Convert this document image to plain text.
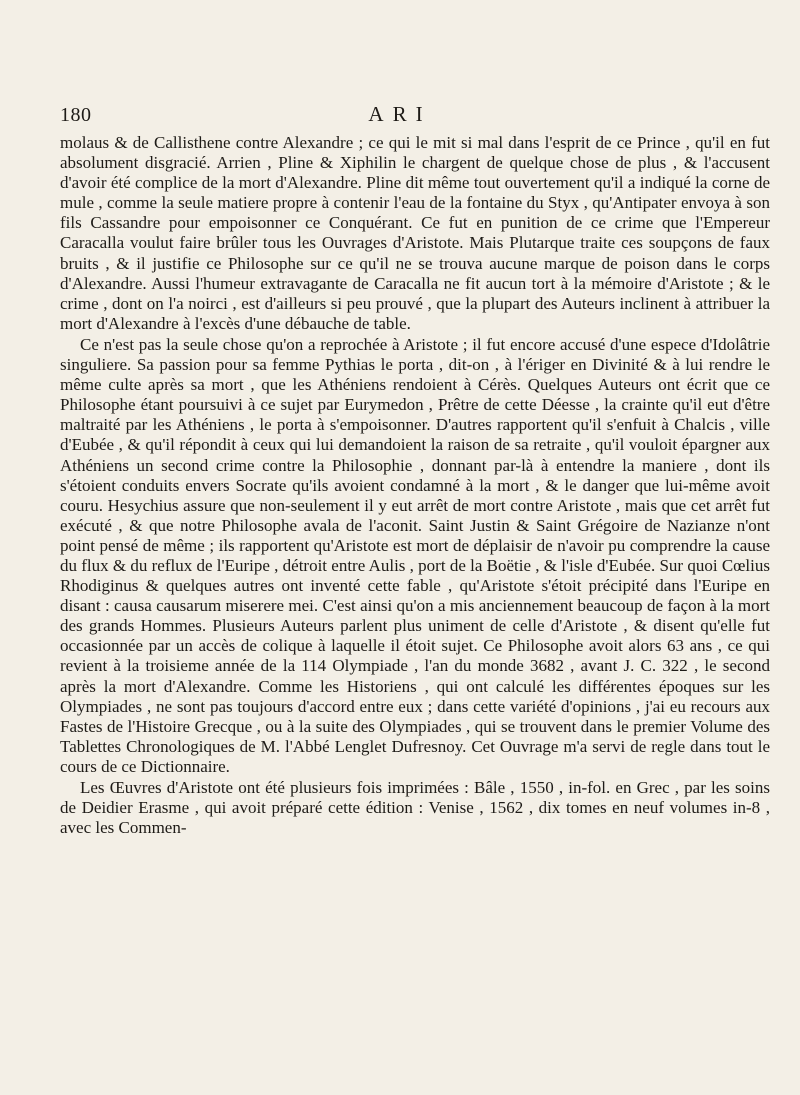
180	ARI

molaus & de Callisthene contre Alexandre ; ce qui le mit si mal dans l'esprit de ce Prince , qu'il en fut absolument disgracié. Arrien , Pline & Xiphilin le chargent de quelque chose de plus , & l'accusent d'avoir été complice de la mort d'Alexandre. Pline dit même tout ouvertement qu'il a indiqué la corne de mule , comme la seule matiere propre à contenir l'eau de la fontaine du Styx , qu'Antipater envoya à son fils Cassandre pour empoisonner ce Conquérant. Ce fut en punition de ce crime que l'Empereur Caracalla voulut faire brûler tous les Ouvrages d'Aristote. Mais Plutarque traite ces soupçons de faux bruits , & il justifie ce Philosophe sur ce qu'il ne se trouva aucune marque de poison dans le corps d'Alexandre. Aussi l'humeur extravagante de Caracalla ne fit aucun tort à la mémoire d'Aristote ; & le crime , dont on l'a noirci , est d'ailleurs si peu prouvé , que la plupart des Auteurs inclinent à attribuer la mort d'Alexandre à l'excès d'une débauche de table.

Ce n'est pas la seule chose qu'on a reprochée à Aristote ; il fut encore accusé d'une espece d'Idolâtrie singuliere. Sa passion pour sa femme Pythias le porta , dit-on , à l'ériger en Divinité & à lui rendre le même culte après sa mort , que les Athéniens rendoient à Cérès. Quelques Auteurs ont écrit que ce Philosophe étant poursuivi à ce sujet par Eurymedon , Prêtre de cette Déesse , la crainte qu'il eut d'être maltraité par les Athéniens , le porta à s'empoisonner. D'autres rapportent qu'il s'enfuit à Chalcis , ville d'Eubée , & qu'il répondit à ceux qui lui demandoient la raison de sa retraite , qu'il vouloit épargner aux Athéniens un second crime contre la Philosophie , donnant par-là à entendre la maniere , dont ils s'étoient conduits envers Socrate qu'ils avoient condamné à la mort , & le danger que lui-même avoit couru. Hesychius assure que non-seulement il y eut arrêt de mort contre Aristote , mais que cet arrêt fut exécuté , & que notre Philosophe avala de l'aconit. Saint Justin & Saint Grégoire de Nazianze n'ont point pensé de même ; ils rapportent qu'Aristote est mort de déplaisir de n'avoir pu comprendre la cause du flux & du reflux de l'Euripe , détroit entre Aulis , port de la Boëtie , & l'isle d'Eubée. Sur quoi Cœlius Rhodiginus & quelques autres ont inventé cette fable , qu'Aristote s'étoit précipité dans l'Euripe en disant : causa causarum miserere mei. C'est ainsi qu'on a mis anciennement beaucoup de façon à la mort des grands Hommes. Plusieurs Auteurs parlent plus uniment de celle d'Aristote , & disent qu'elle fut occasionnée par un accès de colique à laquelle il étoit sujet. Ce Philosophe avoit alors 63 ans , ce qui revient à la troisieme année de la 114 Olympiade , l'an du monde 3682 , avant J. C. 322 , le second après la mort d'Alexandre. Comme les Historiens , qui ont calculé les différentes époques sur les Olympiades , ne sont pas toujours d'accord entre eux ; dans cette variété d'opinions , j'ai eu recours aux Fastes de l'Histoire Grecque , ou à la suite des Olympiades , qui se trouvent dans le premier Volume des Tablettes Chronologiques de M. l'Abbé Lenglet Dufresnoy. Cet Ouvrage m'a servi de regle dans tout le cours de ce Dictionnaire.

Les Œuvres d'Aristote ont été plusieurs fois imprimées : Bâle , 1550 , in-fol. en Grec , par les soins de Deidier Erasme , qui avoit préparé cette édition : Venise , 1562 , dix tomes en neuf volumes in-8 , avec les Commen-
